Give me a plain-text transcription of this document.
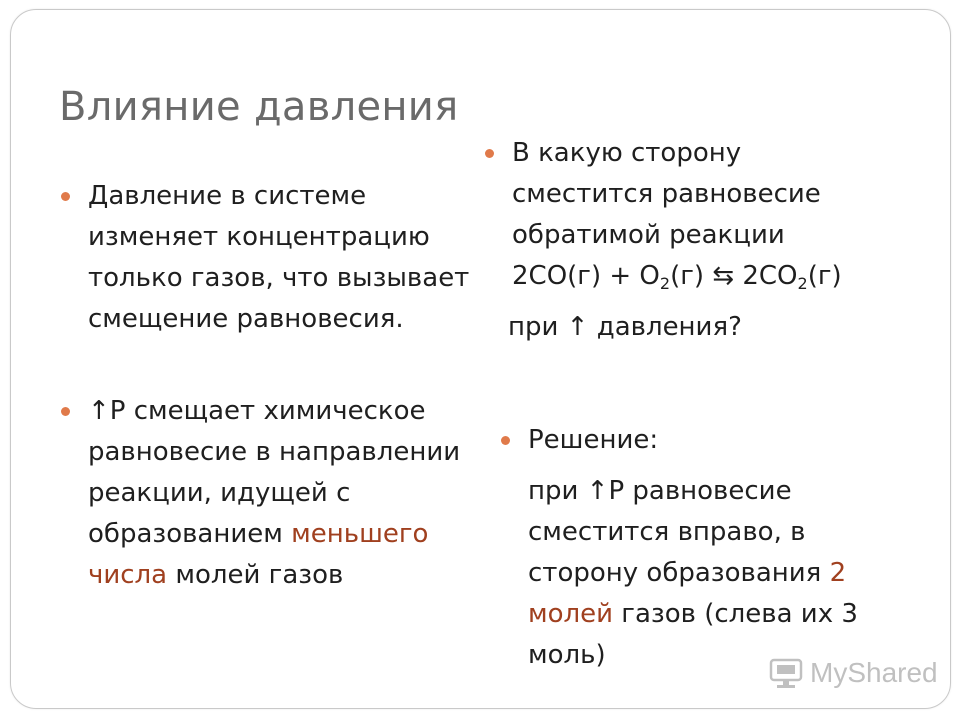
Влияние давления

Давление в системе изменяет концентрацию только газов, что вызывает смещение равновесия.

↑P смещает химическое равновесие в направлении реакции, идущей с образованием меньшего числа молей газов

В какую сторону сместится равновесие обратимой реакции
$2CO(г) + O_2(г)$ ⇆ $2CO_2(г)$

при ↑ давления?

Решение:

при ↑P равновесие сместится вправо, в сторону образования 2 молей газов (слева их 3 моль)

MyShared
